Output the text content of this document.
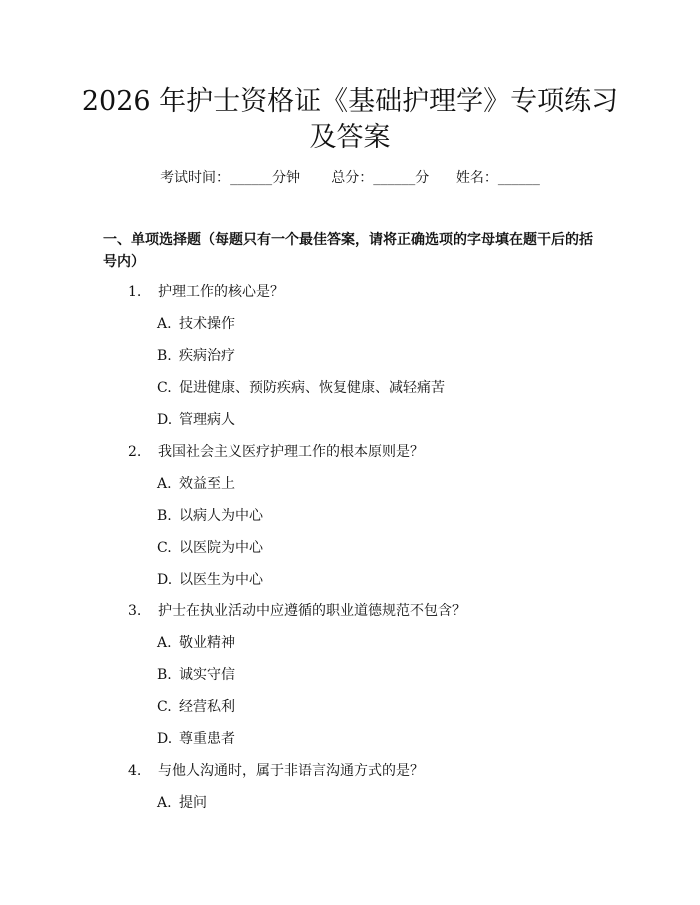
2026 年护士资格证《基础护理学》专项练习
及答案
考试时间：______分钟 总分：______分 姓名：______
一、单项选择题（每题只有一个最佳答案，请将正确选项的字母填在题干后的括
号内）
1. 护理工作的核心是？
A. 技术操作
B. 疾病治疗
C. 促进健康、预防疾病、恢复健康、减轻痛苦
D. 管理病人
2. 我国社会主义医疗护理工作的根本原则是？
A. 效益至上
B. 以病人为中心
C. 以医院为中心
D. 以医生为中心
3. 护士在执业活动中应遵循的职业道德规范不包含？
A. 敬业精神
B. 诚实守信
C. 经营私利
D. 尊重患者
4. 与他人沟通时，属于非语言沟通方式的是？
A. 提问
